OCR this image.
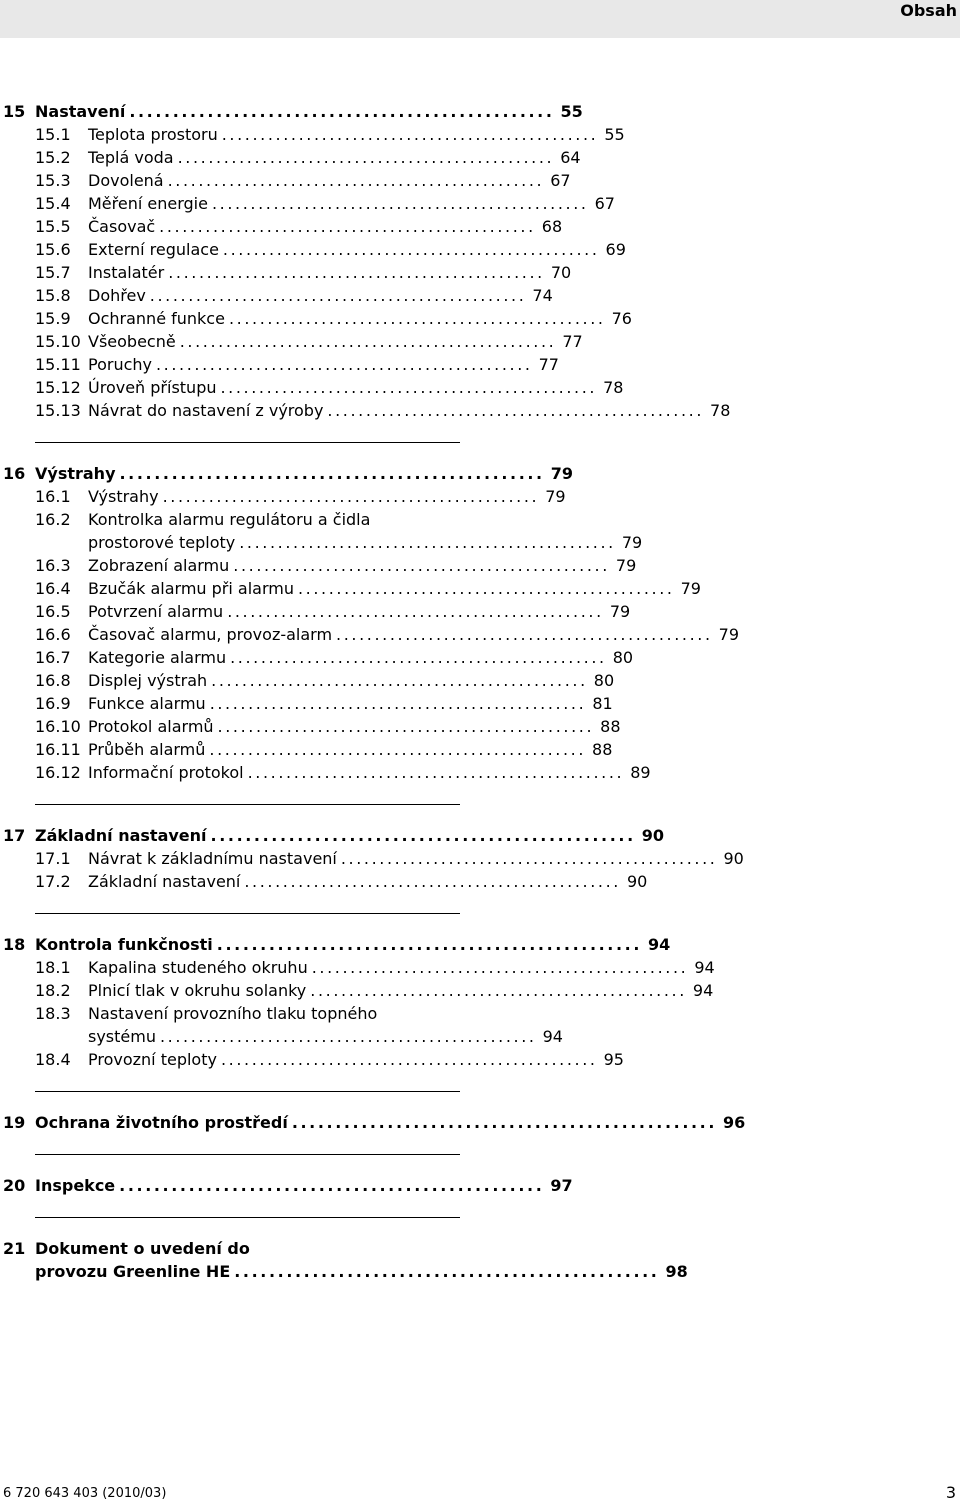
Obsah
15 Nastavení ................................................. 55
15.1 Teplota prostoru ................................................. 55
15.2 Teplá voda ................................................. 64
15.3 Dovolená ................................................. 67
15.4 Měření energie ................................................. 67
15.5 Časovač ................................................. 68
15.6 Externí regulace ................................................. 69
15.7 Instalatér ................................................. 70
15.8 Dohřev ................................................. 74
15.9 Ochranné funkce ................................................. 76
15.10 Všeobecně ................................................. 77
15.11 Poruchy ................................................. 77
15.12 Úroveň přístupu ................................................. 78
15.13 Návrat do nastavení z výroby ................................................. 78
16 Výstrahy ................................................. 79
16.1 Výstrahy ................................................. 79
16.2 Kontrolka alarmu regulátoru a čidla
prostorové teploty ................................................. 79
16.3 Zobrazení alarmu ................................................. 79
16.4 Bzučák alarmu při alarmu ................................................. 79
16.5 Potvrzení alarmu ................................................. 79
16.6 Časovač alarmu, provoz-alarm ................................................. 79
16.7 Kategorie alarmu ................................................. 80
16.8 Displej výstrah ................................................. 80
16.9 Funkce alarmu ................................................. 81
16.10 Protokol alarmů ................................................. 88
16.11 Průběh alarmů ................................................. 88
16.12 Informační protokol ................................................. 89
17 Základní nastavení ................................................. 90
17.1 Návrat k základnímu nastavení ................................................. 90
17.2 Základní nastavení ................................................. 90
18 Kontrola funkčnosti ................................................. 94
18.1 Kapalina studeného okruhu ................................................. 94
18.2 Plnicí tlak v okruhu solanky ................................................. 94
18.3 Nastavení provozního tlaku topného
systému ................................................. 94
18.4 Provozní teploty ................................................. 95
19 Ochrana životního prostředí ................................................. 96
20 Inspekce ................................................. 97
21 Dokument o uvedení do
provozu Greenline HE ................................................. 98
6 720 643 403 (2010/03)	3
